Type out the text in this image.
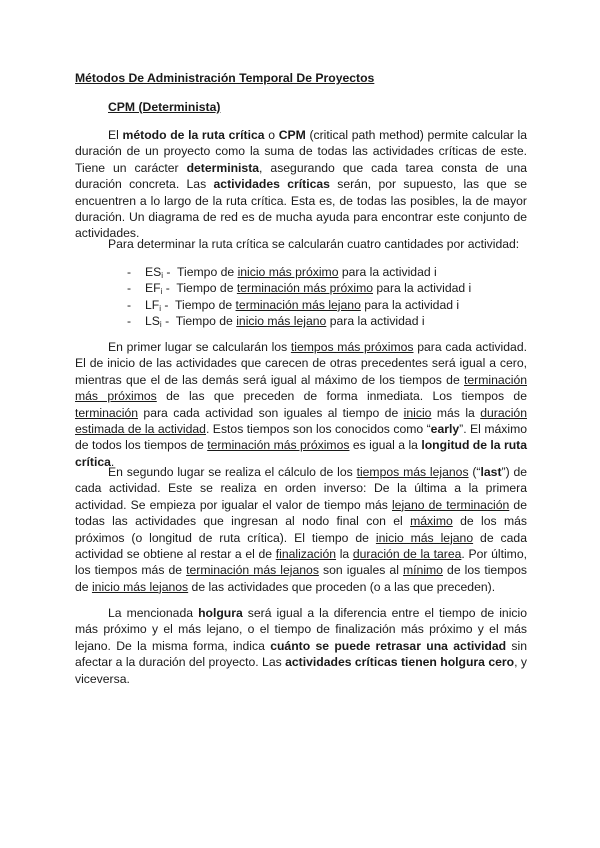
Métodos De Administración Temporal De Proyectos
CPM (Determinista)
El método de la ruta crítica o CPM (critical path method) permite calcular la duración de un proyecto como la suma de todas las actividades críticas de este. Tiene un carácter determinista, asegurando que cada tarea consta de una duración concreta. Las actividades críticas serán, por supuesto, las que se encuentren a lo largo de la ruta crítica. Esta es, de todas las posibles, la de mayor duración. Un diagrama de red es de mucha ayuda para encontrar este conjunto de actividades.
Para determinar la ruta crítica se calcularán cuatro cantidades por actividad:
- $ES_i$ -  Tiempo de inicio más próximo para la actividad i
- $EF_i$ -  Tiempo de terminación más próximo para la actividad i
- $LF_i$ -  Tiempo de terminación más lejano para la actividad i
- $LS_i$ -  Tiempo de inicio más lejano para la actividad i
En primer lugar se calcularán los tiempos más próximos para cada actividad. El de inicio de las actividades que carecen de otras precedentes será igual a cero, mientras que el de las demás será igual al máximo de los tiempos de terminación más próximos de las que preceden de forma inmediata. Los tiempos de terminación para cada actividad son iguales al tiempo de inicio más la duración estimada de la actividad. Estos tiempos son los conocidos como “early”. El máximo de todos los tiempos de terminación más próximos es igual a la longitud de la ruta crítica.
En segundo lugar se realiza el cálculo de los tiempos más lejanos (“last”) de cada actividad. Este se realiza en orden inverso: De la última a la primera actividad. Se empieza por igualar el valor de tiempo más lejano de terminación de todas las actividades que ingresan al nodo final con el máximo de los más próximos (o longitud de ruta crítica). El tiempo de inicio más lejano de cada actividad se obtiene al restar a el de finalización la duración de la tarea. Por último, los tiempos más de terminación más lejanos son iguales al mínimo de los tiempos de inicio más lejanos de las actividades que proceden (o a las que preceden).
La mencionada holgura será igual a la diferencia entre el tiempo de inicio más próximo y el más lejano, o el tiempo de finalización más próximo y el más lejano. De la misma forma, indica cuánto se puede retrasar una actividad sin afectar a la duración del proyecto. Las actividades críticas tienen holgura cero, y viceversa.
